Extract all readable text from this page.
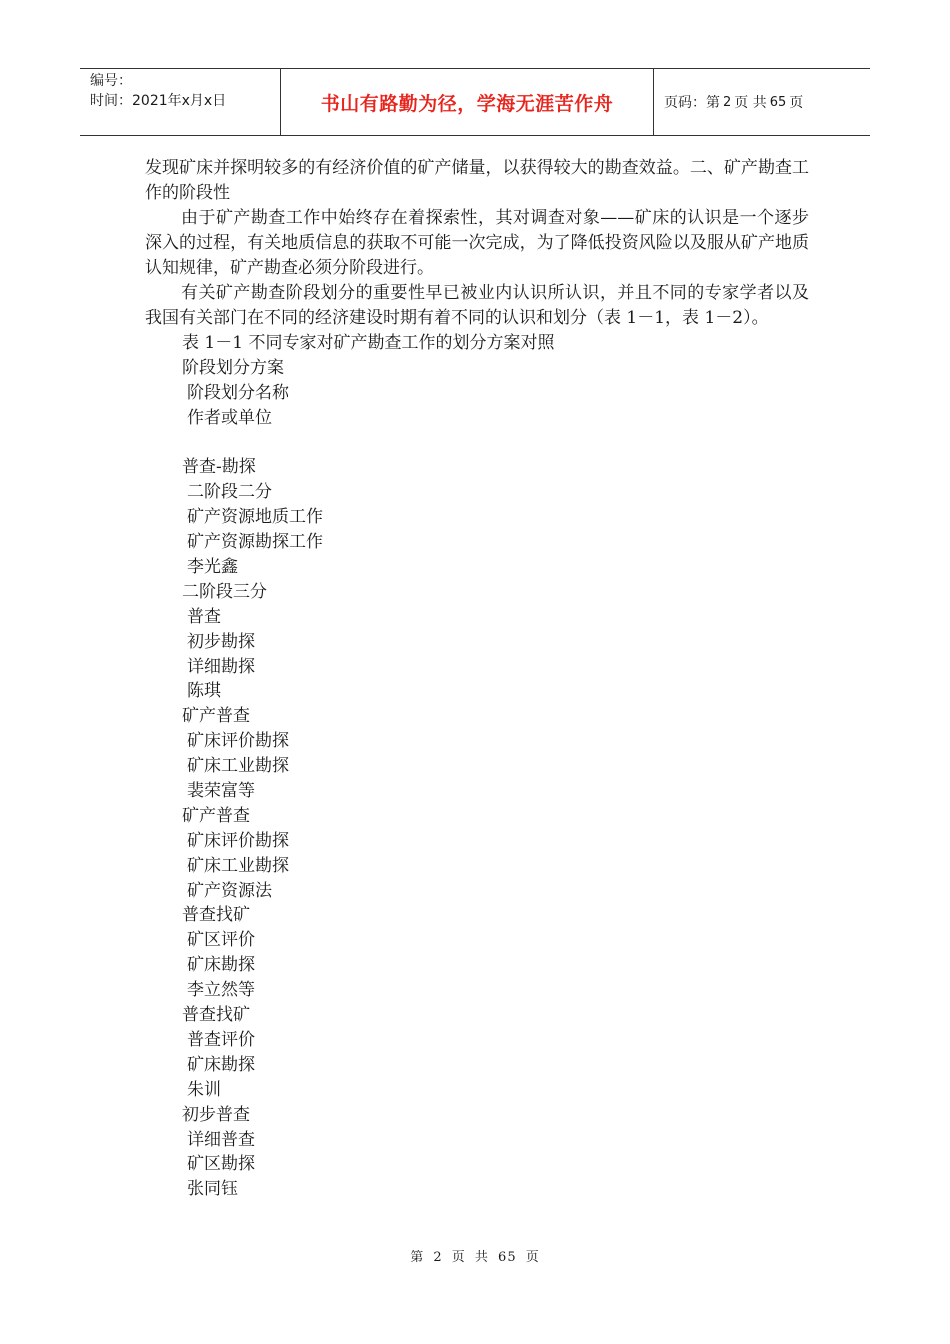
编号：
时间：2021年x月x日	书山有路勤为径，学海无涯苦作舟	页码：第 2 页 共 65 页

发现矿床并探明较多的有经济价值的矿产储量，以获得较大的勘查效益。二、矿产勘查工作的阶段性

由于矿产勘查工作中始终存在着探索性，其对调查对象——矿床的认识是一个逐步深入的过程，有关地质信息的获取不可能一次完成，为了降低投资风险以及服从矿产地质认知规律，矿产勘查必须分阶段进行。

有关矿产勘查阶段划分的重要性早已被业内认识所认识，并且不同的专家学者以及我国有关部门在不同的经济建设时期有着不同的认识和划分（表 1－1，表 1－2）。

表 1－1 不同专家对矿产勘查工作的划分方案对照
阶段划分方案
阶段划分名称
作者或单位
普查-勘探
二阶段二分
矿产资源地质工作
矿产资源勘探工作
李光鑫
二阶段三分
普查
初步勘探
详细勘探
陈琪
矿产普查
矿床评价勘探
矿床工业勘探
裴荣富等
矿产普查
矿床评价勘探
矿床工业勘探
矿产资源法
普查找矿
矿区评价
矿床勘探
李立然等
普查找矿
普查评价
矿床勘探
朱训
初步普查
详细普查
矿区勘探
张同钰
第 2 页 共 65 页
